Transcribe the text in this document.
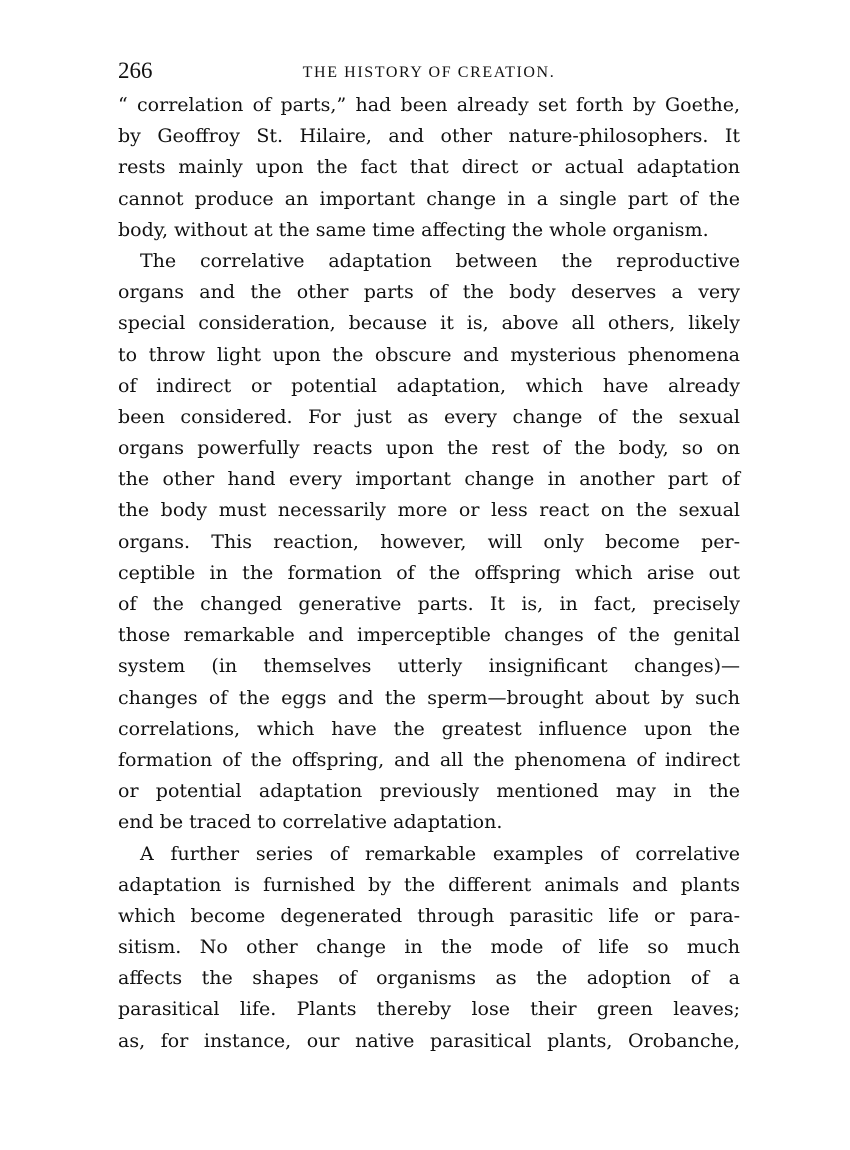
266	THE HISTORY OF CREATION.
“ correlation of parts,” had been already set forth by Goethe,
by Geoffroy St. Hilaire, and other nature-philosophers. It
rests mainly upon the fact that direct or actual adaptation
cannot produce an important change in a single part of the
body, without at the same time affecting the whole organism.
The correlative adaptation between the reproductive
organs and the other parts of the body deserves a very
special consideration, because it is, above all others, likely
to throw light upon the obscure and mysterious phenomena
of indirect or potential adaptation, which have already
been considered. For just as every change of the sexual
organs powerfully reacts upon the rest of the body, so on
the other hand every important change in another part of
the body must necessarily more or less react on the sexual
organs. This reaction, however, will only become per-
ceptible in the formation of the offspring which arise out
of the changed generative parts. It is, in fact, precisely
those remarkable and imperceptible changes of the genital
system (in themselves utterly insignificant changes)—
changes of the eggs and the sperm—brought about by such
correlations, which have the greatest influence upon the
formation of the offspring, and all the phenomena of indirect
or potential adaptation previously mentioned may in the
end be traced to correlative adaptation.
A further series of remarkable examples of correlative
adaptation is furnished by the different animals and plants
which become degenerated through parasitic life or para-
sitism. No other change in the mode of life so much
affects the shapes of organisms as the adoption of a
parasitical life. Plants thereby lose their green leaves;
as, for instance, our native parasitical plants, Orobanche,
